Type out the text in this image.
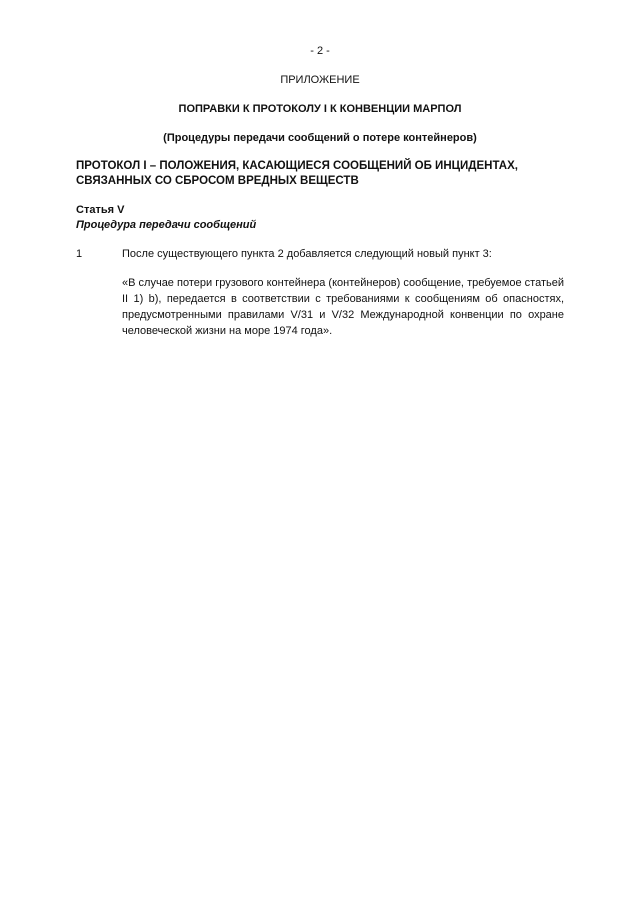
- 2 -
ПРИЛОЖЕНИЕ
ПОПРАВКИ К ПРОТОКОЛУ I К КОНВЕНЦИИ МАРПОЛ
(Процедуры передачи сообщений о потере контейнеров)
ПРОТОКОЛ I – ПОЛОЖЕНИЯ, КАСАЮЩИЕСЯ СООБЩЕНИЙ ОБ ИНЦИДЕНТАХ,
СВЯЗАННЫХ СО СБРОСОМ ВРЕДНЫХ ВЕЩЕСТВ
Статья V
Процедура передачи сообщений
1	После существующего пункта 2 добавляется следующий новый пункт 3:
«В случае потери грузового контейнера (контейнеров) сообщение, требуемое статьей II 1) b), передается в соответствии с требованиями к сообщениям об опасностях, предусмотренными правилами V/31 и V/32 Международной конвенции по охране человеческой жизни на море 1974 года».
